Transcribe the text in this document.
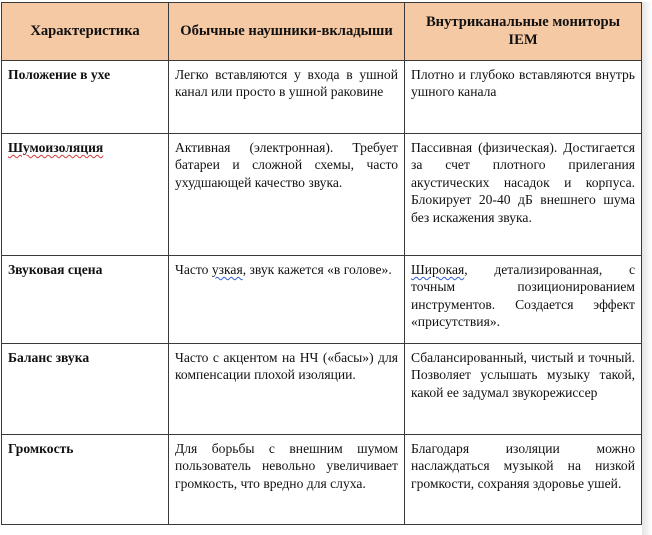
Характеристика	Обычные наушники-вкладыши	Внутриканальные мониторы IEM
Положение в ухе	Легко вставляются у входа в ушной канал или просто в ушной раковине	Плотно и глубоко вставляются внутрь ушного канала
Шумоизоляция	Активная (электронная). Требует батареи и сложной схемы, часто ухудшающей качество звука.	Пассивная (физическая). Достигается за счет плотного прилегания акустических насадок и корпуса. Блокирует 20-40 дБ внешнего шума без искажения звука.
Звуковая сцена	Часто узкая, звук кажется «в голове».	Широкая, детализированная, с точным позиционированием инструментов. Создается эффект «присутствия».
Баланс звука	Часто с акцентом на НЧ («басы») для компенсации плохой изоляции.	Сбалансированный, чистый и точный. Позволяет услышать музыку такой, какой ее задумал звукорежиссер
Громкость	Для борьбы с внешним шумом пользователь невольно увеличивает громкость, что вредно для слуха.	Благодаря изоляции можно наслаждаться музыкой на низкой громкости, сохраняя здоровье ушей.
